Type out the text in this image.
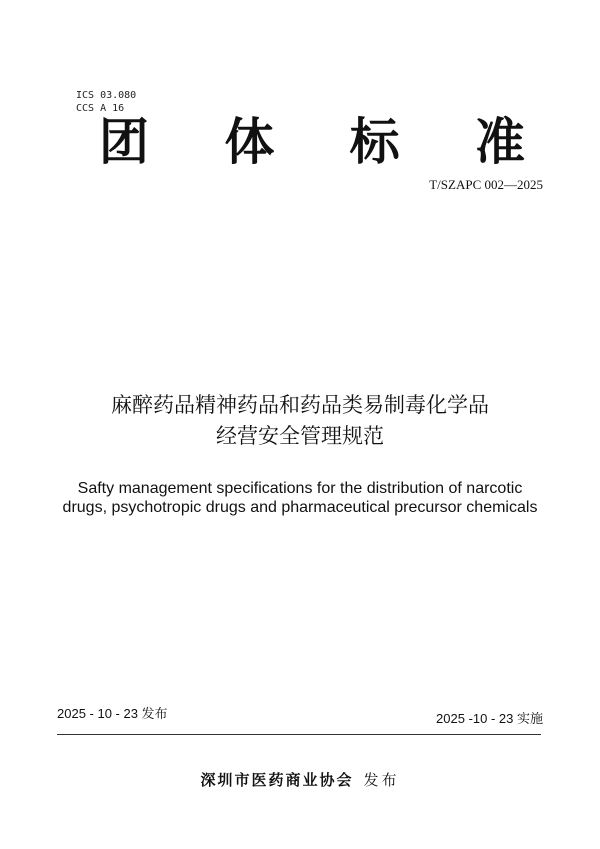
ICS 03.080
CCS A 16
团 体 标 准
T/SZAPC 002—2025
麻醉药品精神药品和药品类易制毒化学品
经营安全管理规范
Safty management specifications for the distribution of narcotic
drugs, psychotropic drugs and pharmaceutical precursor chemicals
2025 - 10 - 23 发布	2025 -10 - 23 实施
深圳市医药商业协会 发布
